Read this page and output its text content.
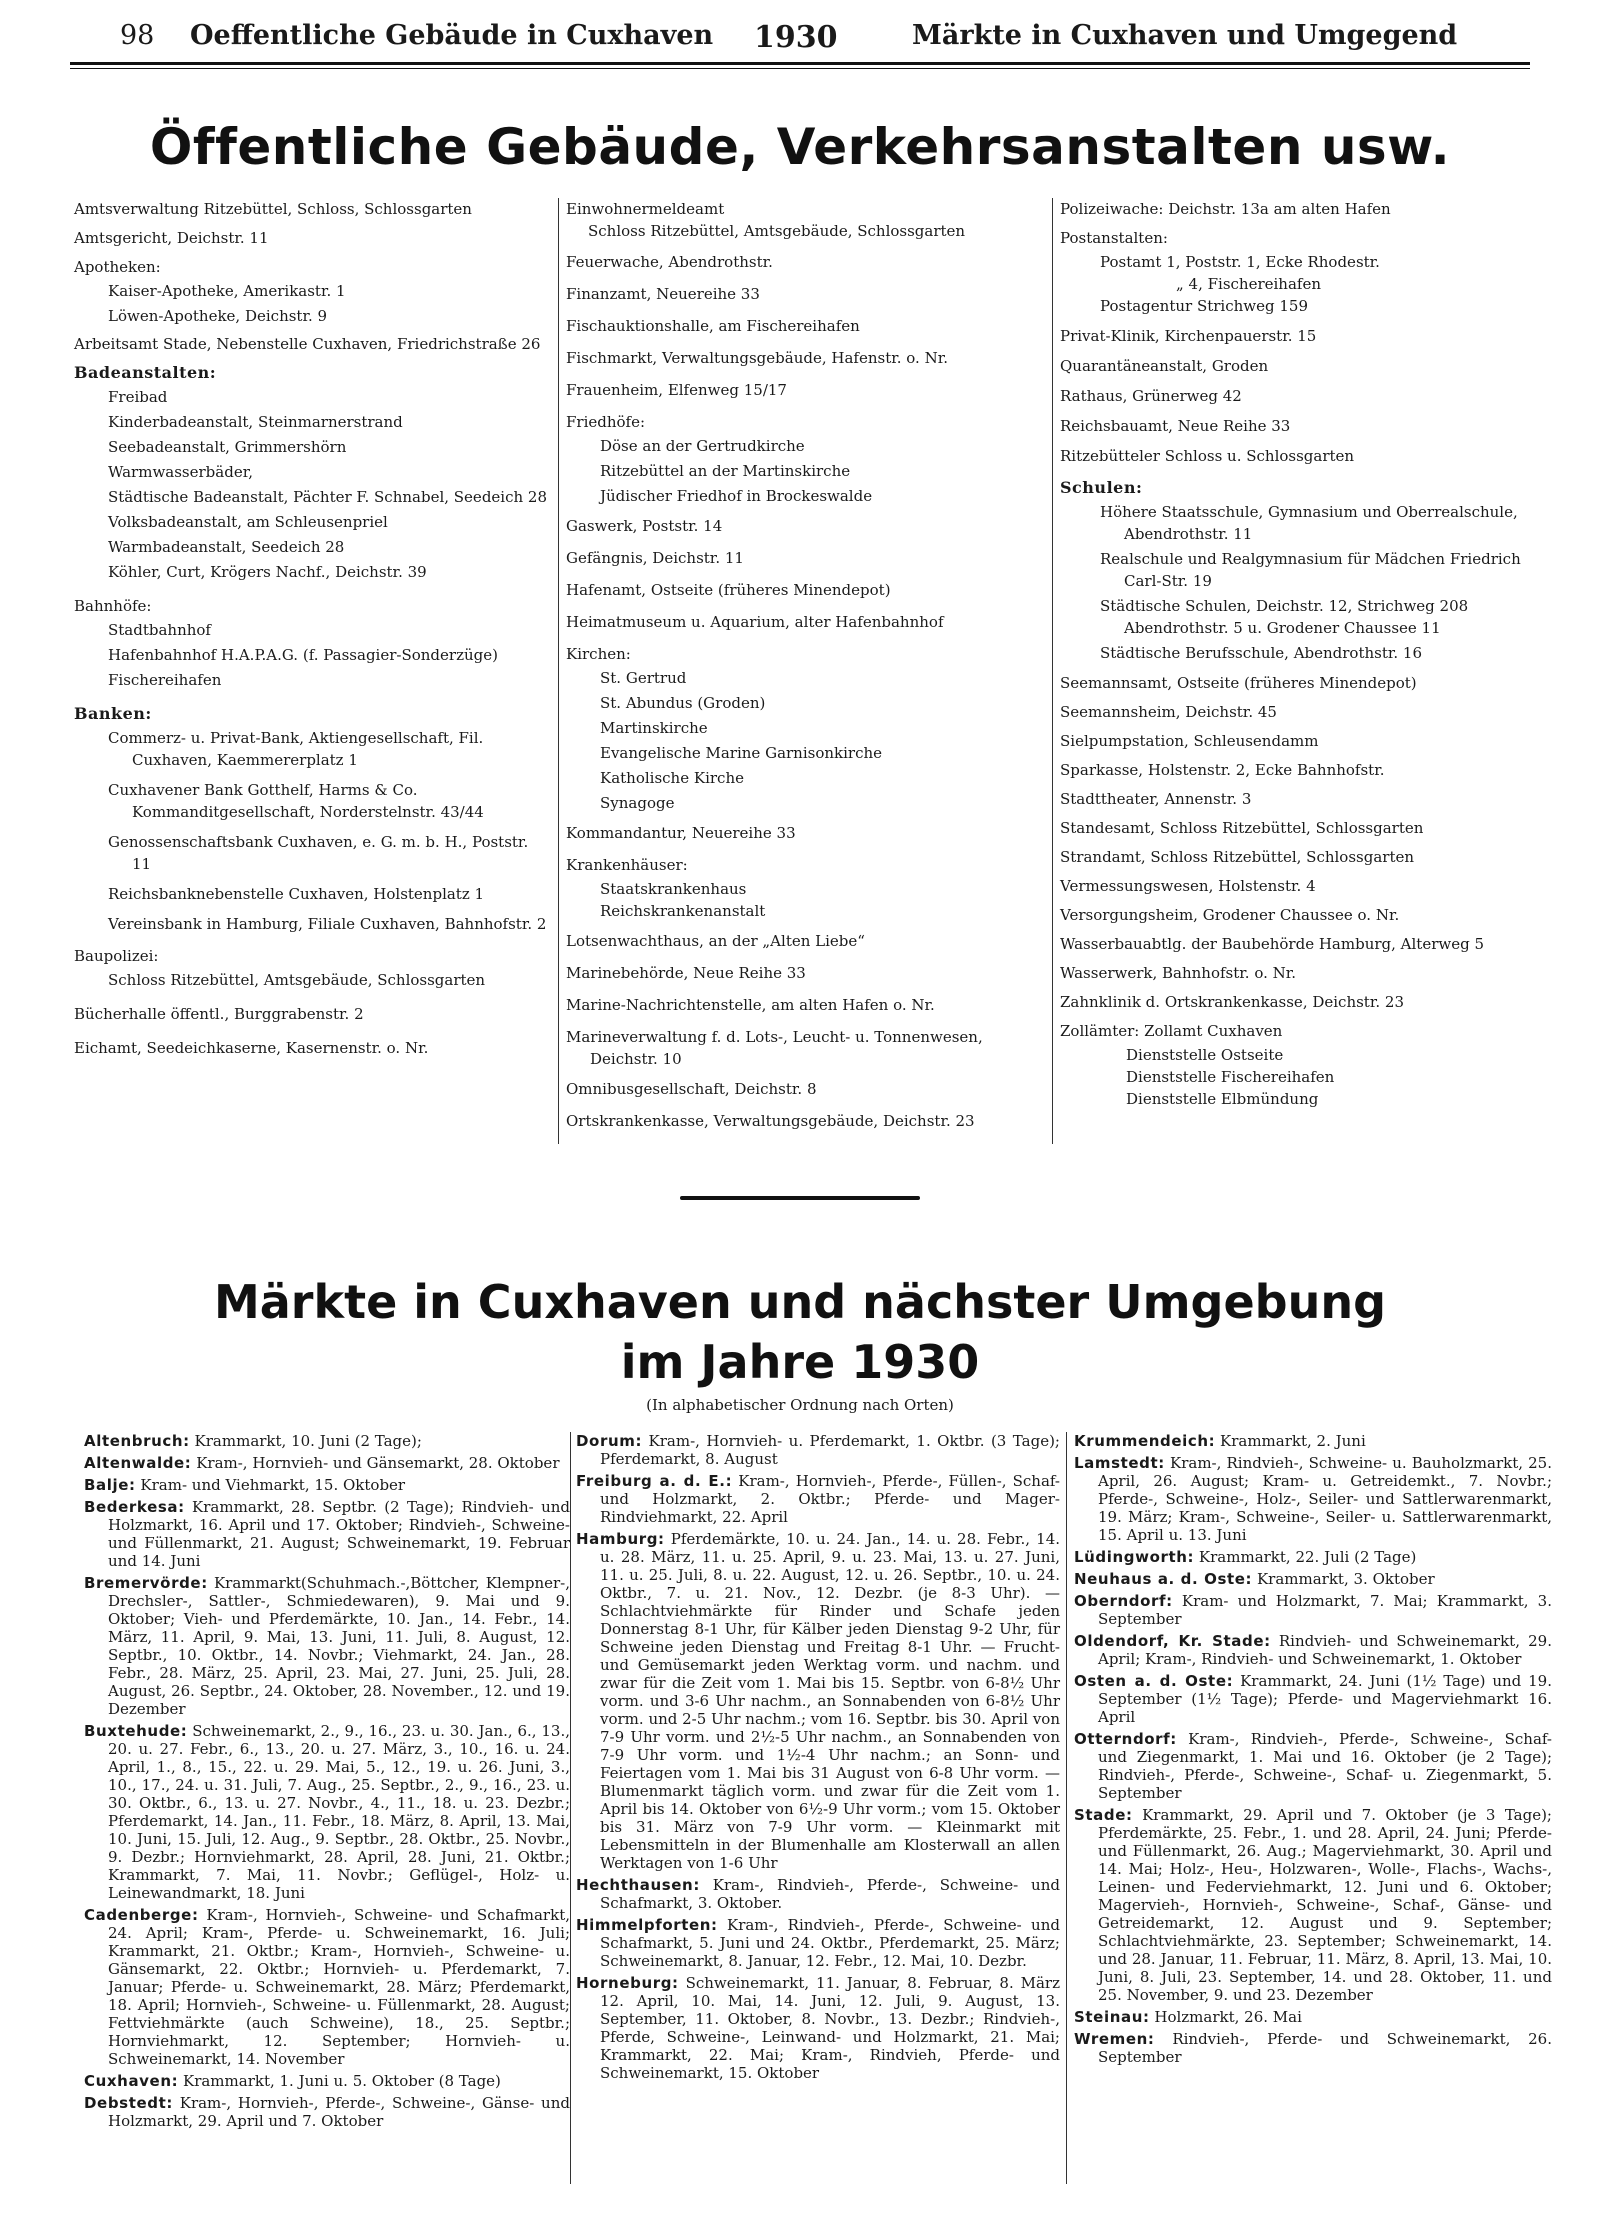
98 Oeffentliche Gebäude in Cuxhaven 1930	Märkte in Cuxhaven und Umgegend
Öffentliche Gebäude, Verkehrsanstalten usw.
Amtsverwaltung Ritzebüttel, Schloss, Schlossgarten
Amtsgericht, Deichstr. 11
Apotheken:
Kaiser-Apotheke, Amerikastr. 1
Löwen-Apotheke, Deichstr. 9
Arbeitsamt Stade, Nebenstelle Cuxhaven, Friedrichstraße 26
Badeanstalten:
Freibad
Kinderbadeanstalt, Steinmarnerstrand
Seebadeanstalt, Grimmershörn
Warmwasserbäder,
Städtische Badeanstalt, Pächter F. Schnabel, Seedeich 28
Volksbadeanstalt, am Schleusenpriel
Warmbadeanstalt, Seedeich 28
Köhler, Curt, Krögers Nachf., Deichstr. 39
Bahnhöfe:
Stadtbahnhof
Hafenbahnhof H.A.P.A.G. (f. Passagier-Sonderzüge)
Fischereihafen
Banken:
Commerz- u. Privat-Bank, Aktiengesellschaft, Fil. Cuxhaven, Kaemmererplatz 1
Cuxhavener Bank Gotthelf, Harms & Co. Kommanditgesellschaft, Norderstelnstr. 43/44
Genossenschaftsbank Cuxhaven, e. G. m. b. H., Poststr. 11
Reichsbanknebenstelle Cuxhaven, Holstenplatz 1
Vereinsbank in Hamburg, Filiale Cuxhaven, Bahnhofstr. 2
Baupolizei:
Schloss Ritzebüttel, Amtsgebäude, Schlossgarten
Bücherhalle öffentl., Burggrabenstr. 2
Eichamt, Seedeichkaserne, Kasernenstr. o. Nr.
Einwohnermeldeamt
Schloss Ritzebüttel, Amtsgebäude, Schlossgarten
Feuerwache, Abendrothstr.
Finanzamt, Neuereihe 33
Fischauktionshalle, am Fischereihafen
Fischmarkt, Verwaltungsgebäude, Hafenstr. o. Nr.
Frauenheim, Elfenweg 15/17
Friedhöfe:
Döse an der Gertrudkirche
Ritzebüttel an der Martinskirche
Jüdischer Friedhof in Brockeswalde
Gaswerk, Poststr. 14
Gefängnis, Deichstr. 11
Hafenamt, Ostseite (früheres Minendepot)
Heimatmuseum u. Aquarium, alter Hafenbahnhof
Kirchen:
St. Gertrud
St. Abundus (Groden)
Martinskirche
Evangelische Marine Garnisonkirche
Katholische Kirche
Synagoge
Kommandantur, Neuereihe 33
Krankenhäuser:
Staatskrankenhaus
Reichskrankenanstalt
Lotsenwachthaus, an der „Alten Liebe“
Marinebehörde, Neue Reihe 33
Marine-Nachrichtenstelle, am alten Hafen o. Nr.
Marineverwaltung f. d. Lots-, Leucht- u. Tonnenwesen, Deichstr. 10
Omnibusgesellschaft, Deichstr. 8
Ortskrankenkasse, Verwaltungsgebäude, Deichstr. 23
Polizeiwache: Deichstr. 13a am alten Hafen
Postanstalten:
Postamt 1, Poststr. 1, Ecke Rhodestr.
„ 4, Fischereihafen
Postagentur Strichweg 159
Privat-Klinik, Kirchenpauerstr. 15
Quarantäneanstalt, Groden
Rathaus, Grünerweg 42
Reichsbauamt, Neue Reihe 33
Ritzebütteler Schloss u. Schlossgarten
Schulen:
Höhere Staatsschule, Gymnasium und Oberrealschule, Abendrothstr. 11
Realschule und Realgymnasium für Mädchen Friedrich Carl-Str. 19
Städtische Schulen, Deichstr. 12, Strichweg 208 Abendrothstr. 5 u. Grodener Chaussee 11
Städtische Berufsschule, Abendrothstr. 16
Seemannsamt, Ostseite (früheres Minendepot)
Seemannsheim, Deichstr. 45
Sielpumpstation, Schleusendamm
Sparkasse, Holstenstr. 2, Ecke Bahnhofstr.
Stadttheater, Annenstr. 3
Standesamt, Schloss Ritzebüttel, Schlossgarten
Strandamt, Schloss Ritzebüttel, Schlossgarten
Vermessungswesen, Holstenstr. 4
Versorgungsheim, Grodener Chaussee o. Nr.
Wasserbauabtlg. der Baubehörde Hamburg, Alterweg 5
Wasserwerk, Bahnhofstr. o. Nr.
Zahnklinik d. Ortskrankenkasse, Deichstr. 23
Zollämter: Zollamt Cuxhaven
Dienststelle Ostseite
Dienststelle Fischereihafen
Dienststelle Elbmündung
Märkte in Cuxhaven und nächster Umgebung
im Jahre 1930
(In alphabetischer Ordnung nach Orten)
Altenbruch: Krammarkt, 10. Juni (2 Tage);
Altenwalde: Kram-, Hornvieh- und Gänsemarkt, 28. Oktober
Balje: Kram- und Viehmarkt, 15. Oktober
Bederkesa: Krammarkt, 28. Septbr. (2 Tage); Rindvieh- und Holzmarkt, 16. April und 17. Oktober; Rindvieh-, Schweine- und Füllenmarkt, 21. August; Schweinemarkt, 19. Februar und 14. Juni
Bremervörde: Krammarkt(Schuhmach.-,Böttcher, Klempner-, Drechsler-, Sattler-, Schmiedewaren), 9. Mai und 9. Oktober; Vieh- und Pferdemärkte, 10. Jan., 14. Febr., 14. März, 11. April, 9. Mai, 13. Juni, 11. Juli, 8. August, 12. Septbr., 10. Oktbr., 14. Novbr.; Viehmarkt, 24. Jan., 28. Febr., 28. März, 25. April, 23. Mai, 27. Juni, 25. Juli, 28. August, 26. Septbr., 24. Oktober, 28. November., 12. und 19. Dezember
Buxtehude: Schweinemarkt, 2., 9., 16., 23. u. 30. Jan., 6., 13., 20. u. 27. Febr., 6., 13., 20. u. 27. März, 3., 10., 16. u. 24. April, 1., 8., 15., 22. u. 29. Mai, 5., 12., 19. u. 26. Juni, 3., 10., 17., 24. u. 31. Juli, 7. Aug., 25. Septbr., 2., 9., 16., 23. u. 30. Oktbr., 6., 13. u. 27. Novbr., 4., 11., 18. u. 23. Dezbr.; Pferdemarkt, 14. Jan., 11. Febr., 18. März, 8. April, 13. Mai, 10. Juni, 15. Juli, 12. Aug., 9. Septbr., 28. Oktbr., 25. Novbr., 9. Dezbr.; Hornviehmarkt, 28. April, 28. Juni, 21. Oktbr.; Krammarkt, 7. Mai, 11. Novbr.; Geflügel-, Holz- u. Leinewandmarkt, 18. Juni
Cadenberge: Kram-, Hornvieh-, Schweine- und Schafmarkt, 24. April; Kram-, Pferde- u. Schweinemarkt, 16. Juli; Krammarkt, 21. Oktbr.; Kram-, Hornvieh-, Schweine- u. Gänsemarkt, 22. Oktbr.; Hornvieh- u. Pferdemarkt, 7. Januar; Pferde- u. Schweinemarkt, 28. März; Pferdemarkt, 18. April; Hornvieh-, Schweine- u. Füllenmarkt, 28. August; Fettviehmärkte (auch Schweine), 18., 25. Septbr.; Hornviehmarkt, 12. September; Hornvieh- u. Schweinemarkt, 14. November
Cuxhaven: Krammarkt, 1. Juni u. 5. Oktober (8 Tage)
Debstedt: Kram-, Hornvieh-, Pferde-, Schweine-, Gänse- und Holzmarkt, 29. April und 7. Oktober
Dorum: Kram-, Hornvieh- u. Pferdemarkt, 1. Oktbr. (3 Tage); Pferdemarkt, 8. August
Freiburg a. d. E.: Kram-, Hornvieh-, Pferde-, Füllen-, Schaf- und Holzmarkt, 2. Oktbr.; Pferde- und Mager-Rindviehmarkt, 22. April
Hamburg: Pferdemärkte, 10. u. 24. Jan., 14. u. 28. Febr., 14. u. 28. März, 11. u. 25. April, 9. u. 23. Mai, 13. u. 27. Juni, 11. u. 25. Juli, 8. u. 22. August, 12. u. 26. Septbr., 10. u. 24. Oktbr., 7. u. 21. Nov., 12. Dezbr. (je 8-3 Uhr). — Schlachtviehmärkte für Rinder und Schafe jeden Donnerstag 8-1 Uhr, für Kälber jeden Dienstag 9-2 Uhr, für Schweine jeden Dienstag und Freitag 8-1 Uhr. — Frucht- und Gemüsemarkt jeden Werktag vorm. und nachm. und zwar für die Zeit vom 1. Mai bis 15. Septbr. von 6-8½ Uhr vorm. und 3-6 Uhr nachm., an Sonnabenden von 6-8½ Uhr vorm. und 2-5 Uhr nachm.; vom 16. Septbr. bis 30. April von 7-9 Uhr vorm. und 2½-5 Uhr nachm., an Sonnabenden von 7-9 Uhr vorm. und 1½-4 Uhr nachm.; an Sonn- und Feiertagen vom 1. Mai bis 31 August von 6-8 Uhr vorm. — Blumenmarkt täglich vorm. und zwar für die Zeit vom 1. April bis 14. Oktober von 6½-9 Uhr vorm.; vom 15. Oktober bis 31. März von 7-9 Uhr vorm. — Kleinmarkt mit Lebensmitteln in der Blumenhalle am Klosterwall an allen Werktagen von 1-6 Uhr
Hechthausen: Kram-, Rindvieh-, Pferde-, Schweine- und Schafmarkt, 3. Oktober.
Himmelpforten: Kram-, Rindvieh-, Pferde-, Schweine- und Schafmarkt, 5. Juni und 24. Oktbr., Pferdemarkt, 25. März; Schweinemarkt, 8. Januar, 12. Febr., 12. Mai, 10. Dezbr.
Horneburg: Schweinemarkt, 11. Januar, 8. Februar, 8. März 12. April, 10. Mai, 14. Juni, 12. Juli, 9. August, 13. September, 11. Oktober, 8. Novbr., 13. Dezbr.; Rindvieh-, Pferde, Schweine-, Leinwand- und Holzmarkt, 21. Mai; Krammarkt, 22. Mai; Kram-, Rindvieh, Pferde- und Schweinemarkt, 15. Oktober
Krummendeich: Krammarkt, 2. Juni
Lamstedt: Kram-, Rindvieh-, Schweine- u. Bauholzmarkt, 25. April, 26. August; Kram- u. Getreidemkt., 7. Novbr.; Pferde-, Schweine-, Holz-, Seiler- und Sattlerwarenmarkt, 19. März; Kram-, Schweine-, Seiler- u. Sattlerwarenmarkt, 15. April u. 13. Juni
Lüdingworth: Krammarkt, 22. Juli (2 Tage)
Neuhaus a. d. Oste: Krammarkt, 3. Oktober
Oberndorf: Kram- und Holzmarkt, 7. Mai; Krammarkt, 3. September
Oldendorf, Kr. Stade: Rindvieh- und Schweinemarkt, 29. April; Kram-, Rindvieh- und Schweinemarkt, 1. Oktober
Osten a. d. Oste: Krammarkt, 24. Juni (1½ Tage) und 19. September (1½ Tage); Pferde- und Magerviehmarkt 16. April
Otterndorf: Kram-, Rindvieh-, Pferde-, Schweine-, Schaf- und Ziegenmarkt, 1. Mai und 16. Oktober (je 2 Tage); Rindvieh-, Pferde-, Schweine-, Schaf- u. Ziegenmarkt, 5. September
Stade: Krammarkt, 29. April und 7. Oktober (je 3 Tage); Pferdemärkte, 25. Febr., 1. und 28. April, 24. Juni; Pferde- und Füllenmarkt, 26. Aug.; Magerviehmarkt, 30. April und 14. Mai; Holz-, Heu-, Holzwaren-, Wolle-, Flachs-, Wachs-, Leinen- und Federviehmarkt, 12. Juni und 6. Oktober; Magervieh-, Hornvieh-, Schweine-, Schaf-, Gänse- und Getreidemarkt, 12. August und 9. September; Schlachtviehmärkte, 23. September; Schweinemarkt, 14. und 28. Januar, 11. Februar, 11. März, 8. April, 13. Mai, 10. Juni, 8. Juli, 23. September, 14. und 28. Oktober, 11. und 25. November, 9. und 23. Dezember
Steinau: Holzmarkt, 26. Mai
Wremen: Rindvieh-, Pferde- und Schweinemarkt, 26. September
